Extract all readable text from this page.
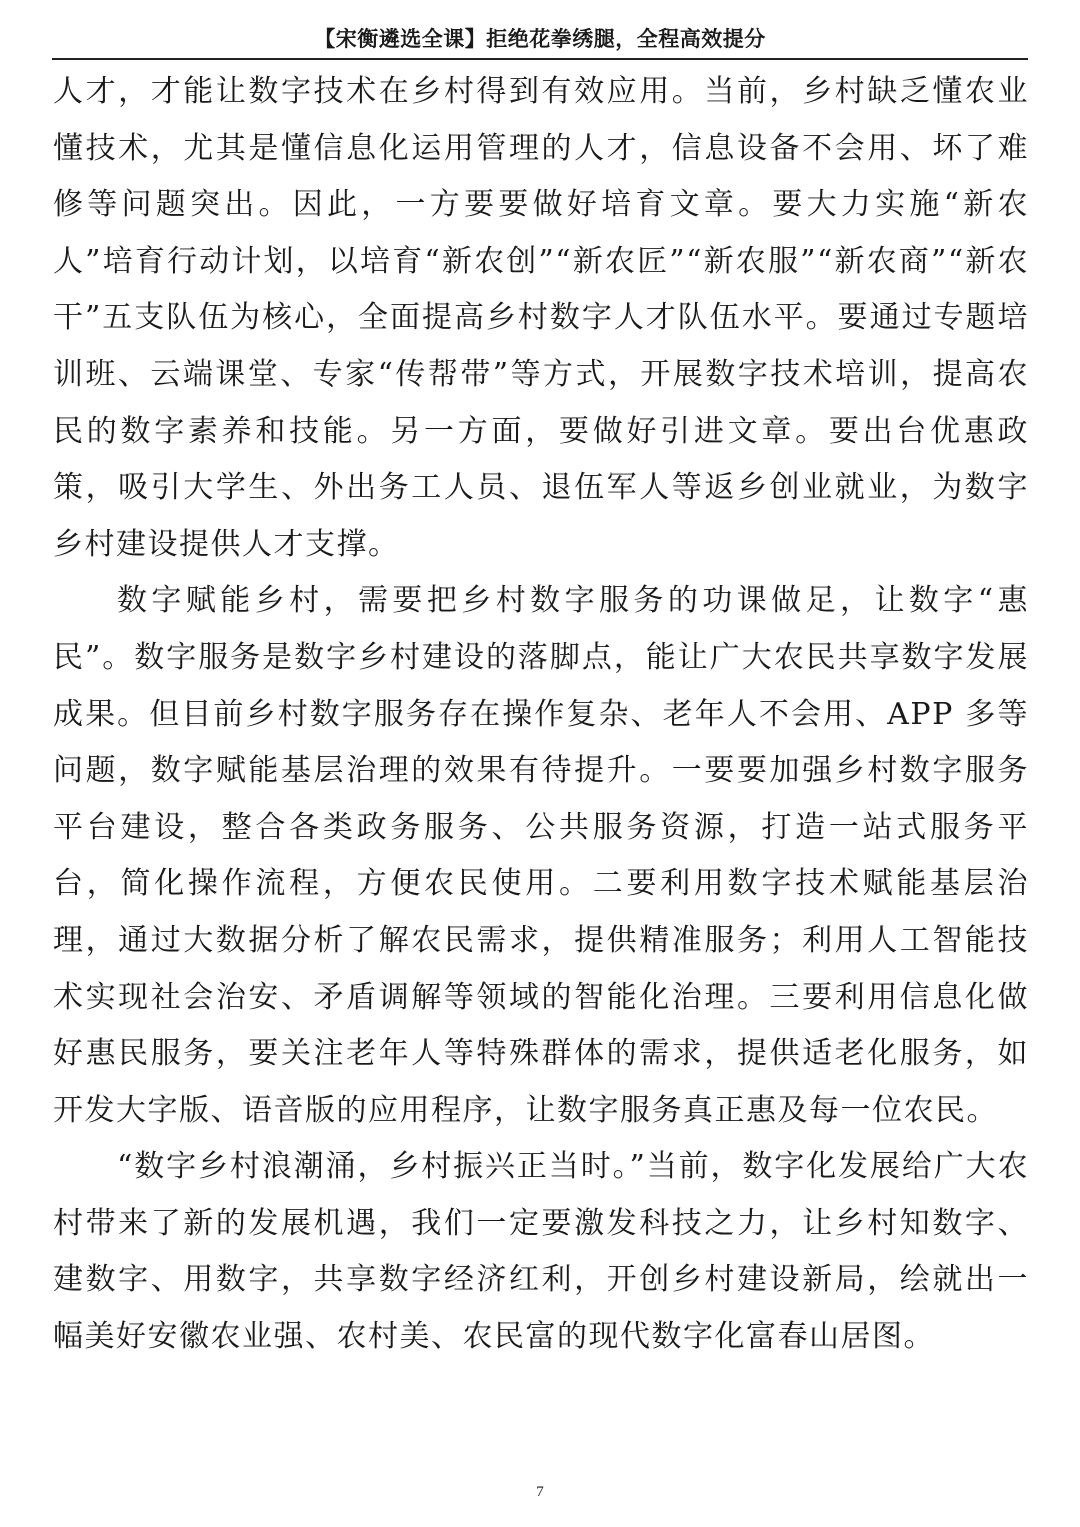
【宋衡遴选全课】拒绝花拳绣腿，全程高效提分

人才，才能让数字技术在乡村得到有效应用。当前，乡村缺乏懂农业懂技术，尤其是懂信息化运用管理的人才，信息设备不会用、坏了难修等问题突出。因此，一方要要做好培育文章。要大力实施“新农人”培育行动计划，以培育“新农创”“新农匠”“新农服”“新农商”“新农干”五支队伍为核心，全面提高乡村数字人才队伍水平。要通过专题培训班、云端课堂、专家“传帮带”等方式，开展数字技术培训，提高农民的数字素养和技能。另一方面，要做好引进文章。要出台优惠政策，吸引大学生、外出务工人员、退伍军人等返乡创业就业，为数字乡村建设提供人才支撑。

数字赋能乡村，需要把乡村数字服务的功课做足，让数字“惠民”。数字服务是数字乡村建设的落脚点，能让广大农民共享数字发展成果。但目前乡村数字服务存在操作复杂、老年人不会用、APP 多等问题，数字赋能基层治理的效果有待提升。一要要加强乡村数字服务平台建设，整合各类政务服务、公共服务资源，打造一站式服务平台，简化操作流程，方便农民使用。二要利用数字技术赋能基层治理，通过大数据分析了解农民需求，提供精准服务；利用人工智能技术实现社会治安、矛盾调解等领域的智能化治理。三要利用信息化做好惠民服务，要关注老年人等特殊群体的需求，提供适老化服务，如开发大字版、语音版的应用程序，让数字服务真正惠及每一位农民。

“数字乡村浪潮涌，乡村振兴正当时。”当前，数字化发展给广大农村带来了新的发展机遇，我们一定要激发科技之力，让乡村知数字、建数字、用数字，共享数字经济红利，开创乡村建设新局，绘就出一幅美好安徽农业强、农村美、农民富的现代数字化富春山居图。

7
